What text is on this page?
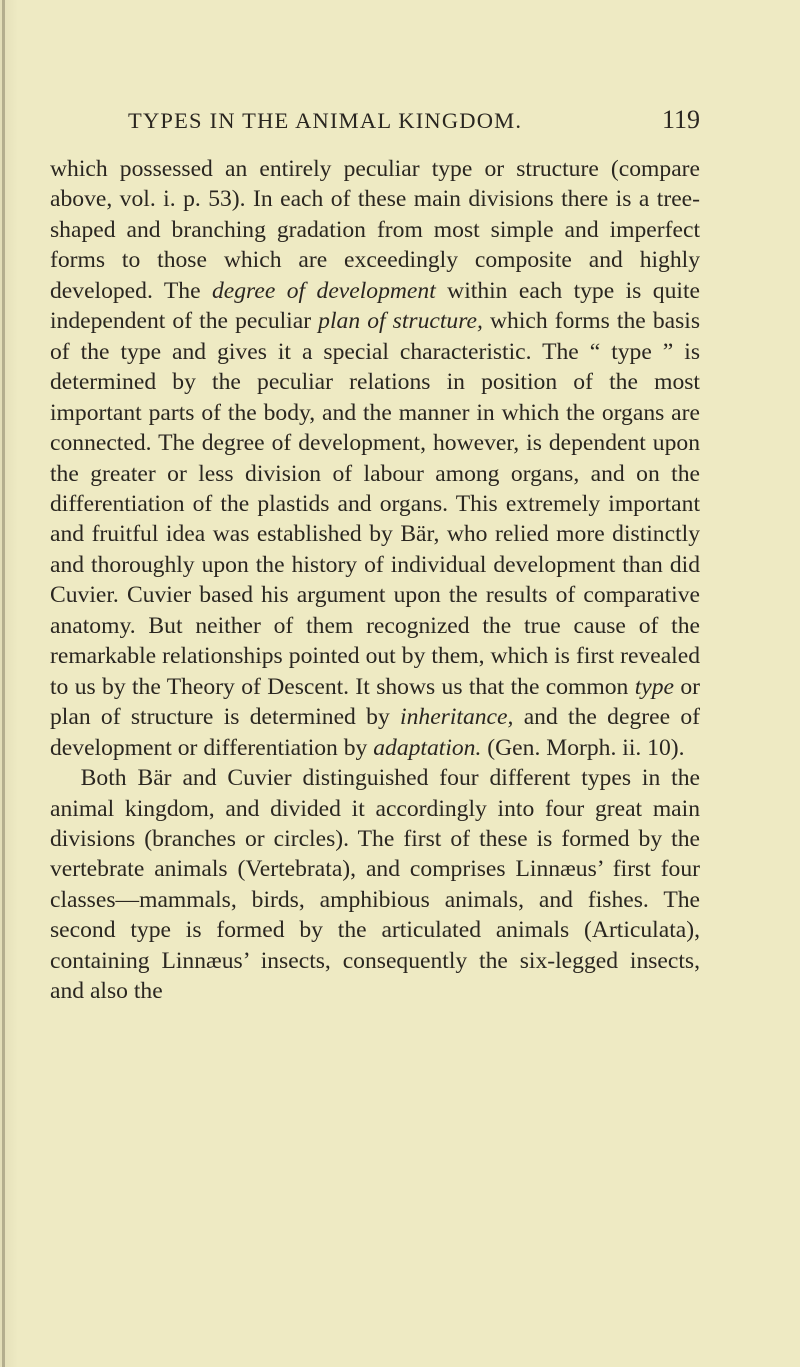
TYPES IN THE ANIMAL KINGDOM.	119

which possessed an entirely peculiar type or structure (compare above, vol. i. p. 53). In each of these main divisions there is a tree-shaped and branching gradation from most simple and imperfect forms to those which are exceedingly composite and highly developed. The degree of development within each type is quite independent of the peculiar plan of structure, which forms the basis of the type and gives it a special characteristic. The “ type ” is determined by the peculiar relations in position of the most important parts of the body, and the manner in which the organs are connected. The degree of development, however, is dependent upon the greater or less division of labour among organs, and on the differentiation of the plastids and organs. This extremely important and fruitful idea was established by Bär, who relied more distinctly and thoroughly upon the history of individual development than did Cuvier. Cuvier based his argument upon the results of comparative anatomy. But neither of them recognized the true cause of the remarkable relationships pointed out by them, which is first revealed to us by the Theory of Descent. It shows us that the common type or plan of structure is determined by inheritance, and the degree of development or differentiation by adaptation. (Gen. Morph. ii. 10).

Both Bär and Cuvier distinguished four different types in the animal kingdom, and divided it accordingly into four great main divisions (branches or circles). The first of these is formed by the vertebrate animals (Vertebrata), and comprises Linnæus’ first four classes—mammals, birds, amphibious animals, and fishes. The second type is formed by the articulated animals (Articulata), containing Linnæus’ insects, consequently the six-legged insects, and also the
